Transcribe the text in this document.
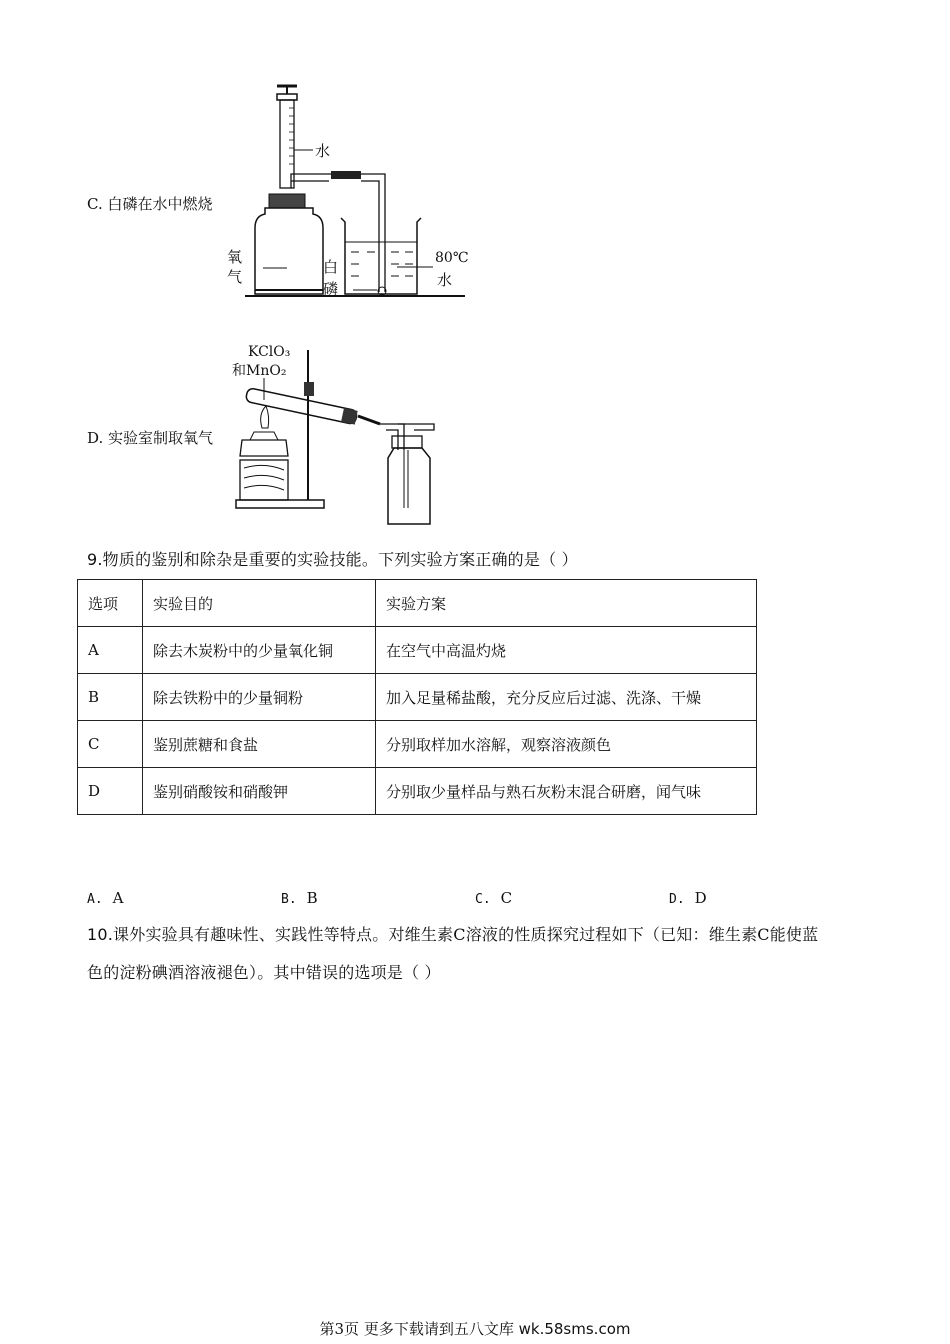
C. 白磷在水中燃烧
水
氧
气
白
磷
80℃
水
D. 实验室制取氧气
KClO₃
和MnO₂
9.物质的鉴别和除杂是重要的实验技能。下列实验方案正确的是（ ）
选项	实验目的	实验方案
A	除去木炭粉中的少量氧化铜	在空气中高温灼烧
B	除去铁粉中的少量铜粉	加入足量稀盐酸，充分反应后过滤、洗涤、干燥
C	鉴别蔗糖和食盐	分别取样加水溶解，观察溶液颜色
D	鉴别硝酸铵和硝酸钾	分别取少量样品与熟石灰粉末混合研磨，闻气味
A. A	B. B	C. C	D. D
10.课外实验具有趣味性、实践性等特点。对维生素C溶液的性质探究过程如下（已知：维生素C能使蓝
色的淀粉碘酒溶液褪色）。其中错误的选项是（ ）
第3页 更多下载请到五八文库 wk.58sms.com
